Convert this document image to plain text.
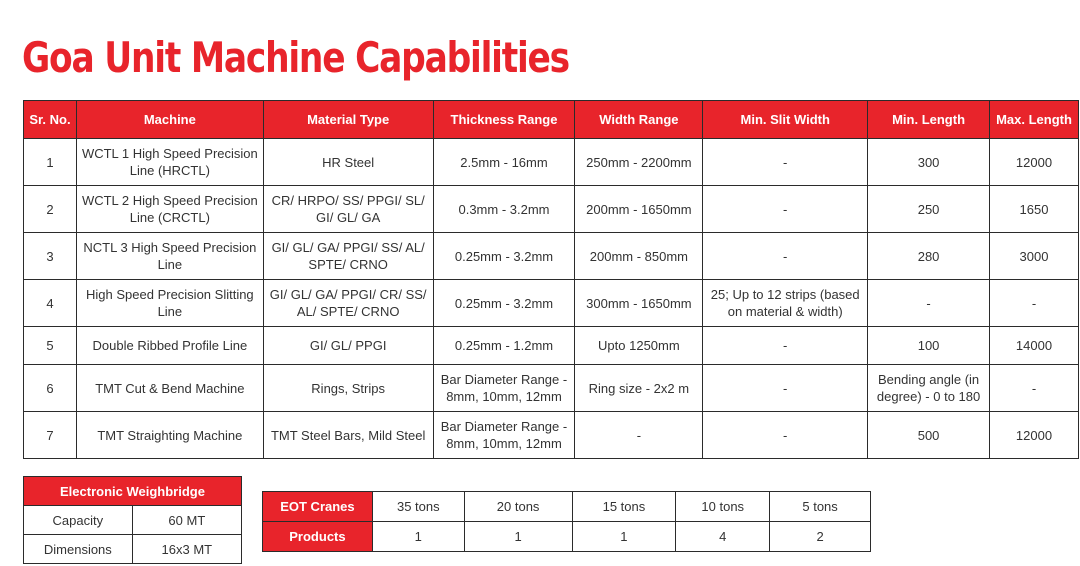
Goa Unit Machine Capabilities
Sr. No.	Machine	Material Type	Thickness Range	Width Range	Min. Slit Width	Min. Length	Max. Length
1	WCTL 1 High Speed Precision Line (HRCTL)	HR Steel	2.5mm - 16mm	250mm - 2200mm	-	300	12000
2	WCTL 2 High Speed Precision Line (CRCTL)	CR/ HRPO/ SS/ PPGI/ SL/ GI/ GL/ GA	0.3mm - 3.2mm	200mm - 1650mm	-	250	1650
3	NCTL 3 High Speed Precision Line	GI/ GL/ GA/ PPGI/ SS/ AL/ SPTE/ CRNO	0.25mm - 3.2mm	200mm - 850mm	-	280	3000
4	High Speed Precision Slitting Line	GI/ GL/ GA/ PPGI/ CR/ SS/ AL/ SPTE/ CRNO	0.25mm - 3.2mm	300mm - 1650mm	25; Up to 12 strips (based on material & width)	-	-
5	Double Ribbed Profile Line	GI/ GL/ PPGI	0.25mm - 1.2mm	Upto 1250mm	-	100	14000
6	TMT Cut & Bend Machine	Rings, Strips	Bar Diameter Range - 8mm, 10mm, 12mm	Ring size - 2x2 m	-	Bending angle (in degree) - 0 to 180	-
7	TMT Straighting Machine	TMT Steel Bars, Mild Steel	Bar Diameter Range - 8mm, 10mm, 12mm	-	-	500	12000
Electronic Weighbridge	
Capacity	60 MT
Dimensions	16x3 MT
EOT Cranes	35 tons	20 tons	15 tons	10 tons	5 tons
Products	1	1	1	4	2
